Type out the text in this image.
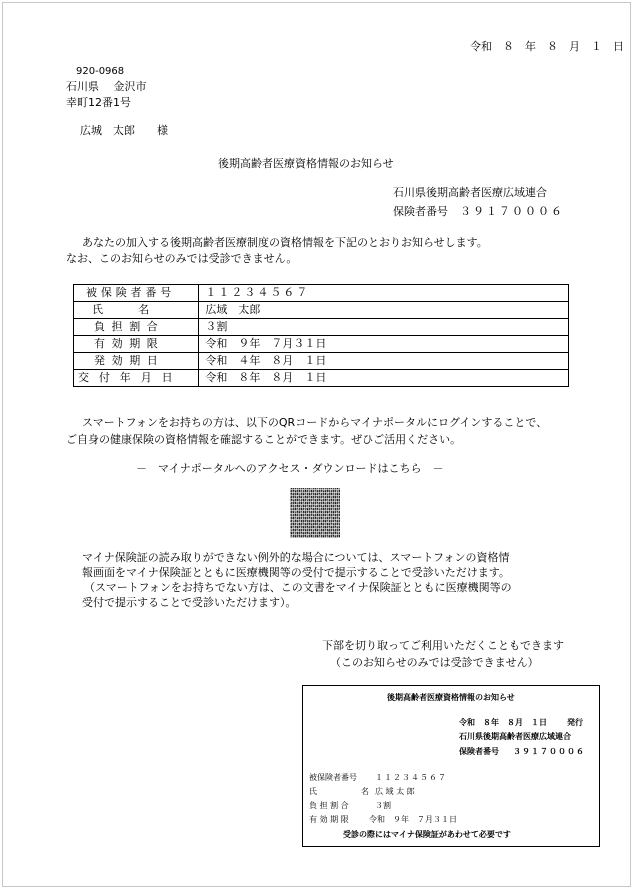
令和　８　年　８　月　１　日
920-0968
石川県　 金沢市
幸町12番1号
広城　太郎　　様
後期高齢者医療資格情報のお知らせ
石川県後期高齢者医療広域連合
保険者番号 ３９１７０００６
あなたの加入する後期高齢者医療制度の資格情報を下記のとおりお知らせします。
なお、このお知らせのみでは受診できません。
被保険者番号	１１２３４５６７

氏名	広域　太郎

負担割合	３割

有効期限	令和　９年　７月３１日

発効期日	令和　４年　８月　１日

交付年月日	令和　８年　８月　１日
スマートフォンをお持ちの方は、以下のQRコードからマイナポータルにログインすることで、
ご自身の健康保険の資格情報を確認することができます。ぜひご活用ください。
－　マイナポータルへのアクセス・ダウンロードはこちら　－
マイナ保険証の読み取りができない例外的な場合については、スマートフォンの資格情
報画面をマイナ保険証とともに医療機関等の受付で提示することで受診いただけます。
（スマートフォンをお持ちでない方は、この文書をマイナ保険証とともに医療機関等の
受付で提示することで受診いただけます）。
下部を切り取ってご利用いただくこともできます
（このお知らせのみでは受診できません）
後期高齢者医療資格情報のお知らせ
令和　８年　８月　１日	発行
石川県後期高齢者医療広域連合
保険者番号 ３９１７０００６
被保険者番号 １１２３４５６７
氏	名 広 域 太 郎
負 担 割 合	３割
有 効 期 限	令和　９年　７月３１日
受診の際にはマイナ保険証があわせて必要です
